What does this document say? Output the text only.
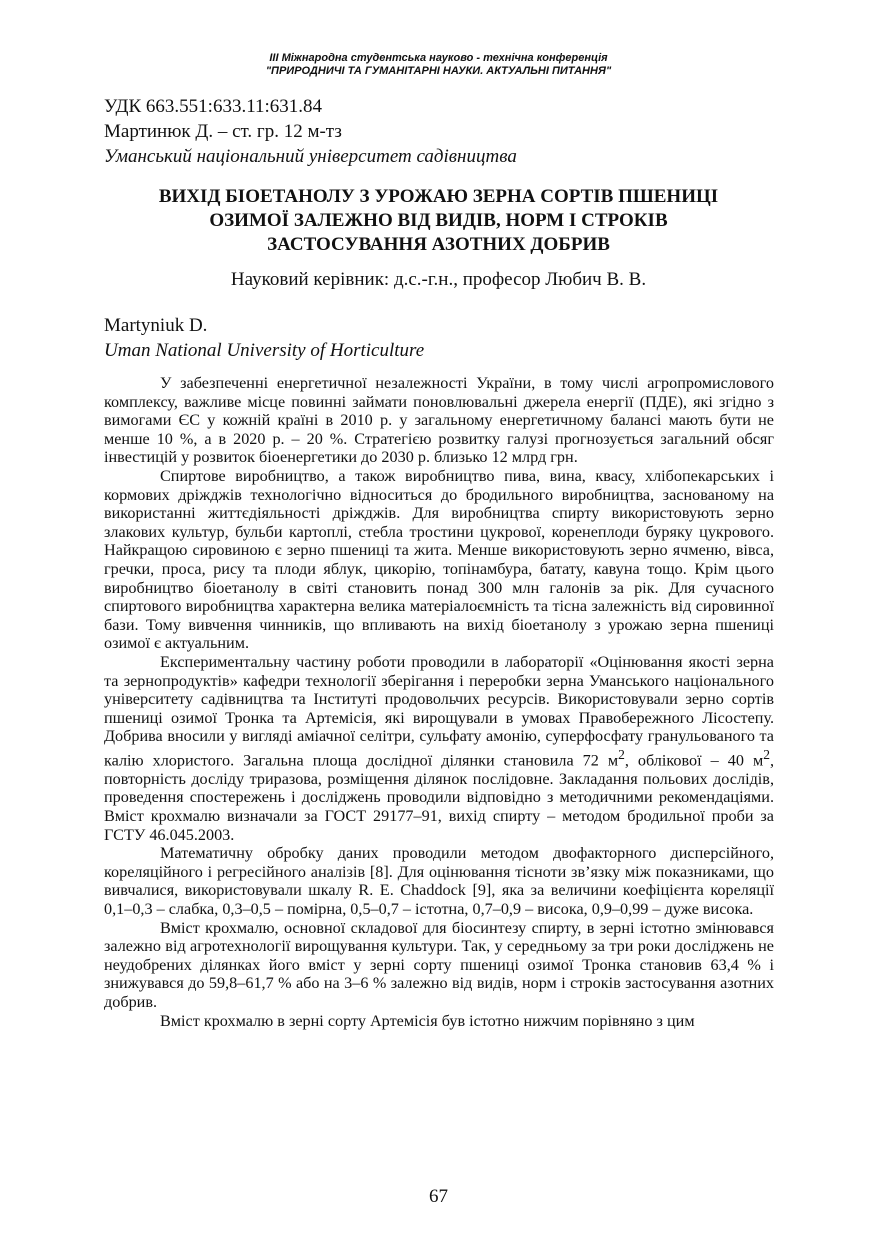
III Міжнародна студентська науково - технічна конференція
"ПРИРОДНИЧІ ТА ГУМАНІТАРНІ НАУКИ. АКТУАЛЬНІ ПИТАННЯ"
УДК 663.551:633.11:631.84
Мартинюк Д. – ст. гр. 12 м-тз
Уманський національний університет садівництва
ВИХІД БІОЕТАНОЛУ З УРОЖАЮ ЗЕРНА СОРТІВ ПШЕНИЦІ
ОЗИМОЇ ЗАЛЕЖНО ВІД ВИДІВ, НОРМ І СТРОКІВ
ЗАСТОСУВАННЯ АЗОТНИХ ДОБРИВ
Науковий керівник: д.с.-г.н., професор Любич В. В.
Martyniuk D.
Uman National University of Horticulture

У забезпеченні енергетичної незалежності України, в тому числі агропромислового комплексу, важливе місце повинні займати поновлювальні джерела енергії (ПДЕ), які згідно з вимогами ЄС у кожній країні в 2010 р. у загальному енергетичному балансі мають бути не менше 10 %, а в 2020 р. – 20 %. Стратегією розвитку галузі прогнозується загальний обсяг інвестицій у розвиток біоенергетики до 2030 р. близько 12 млрд грн.

Спиртове виробництво, а також виробництво пива, вина, квасу, хлібопекарських і кормових дріжджів технологічно відноситься до бродильного виробництва, заснованому на використанні життєдіяльності дріжджів. Для виробництва спирту використовують зерно злакових культур, бульби картоплі, стебла тростини цукрової, коренеплоди буряку цукрового. Найкращою сировиною є зерно пшениці та жита. Менше використовують зерно ячменю, вівса, гречки, проса, рису та плоди яблук, цикорію, топінамбура, батату, кавуна тощо. Крім цього виробництво біоетанолу в світі становить понад 300 млн галонів за рік. Для сучасного спиртового виробництва характерна велика матеріалоємність та тісна залежність від сировинної бази. Тому вивчення чинників, що впливають на вихід біоетанолу з урожаю зерна пшениці озимої є актуальним.

Експериментальну частину роботи проводили в лабораторії «Оцінювання якості зерна та зернопродуктів» кафедри технології зберігання і переробки зерна Уманського національного університету садівництва та Інституті продовольчих ресурсів. Використовували зерно сортів пшениці озимої Тронка та Артемісія, які вирощували в умовах Правобережного Лісостепу. Добрива вносили у вигляді аміачної селітри, сульфату амонію, суперфосфату гранульованого та калію хлористого. Загальна площа дослідної ділянки становила 72 $м^2$, облікової – 40 $м^2$, повторність досліду триразова, розміщення ділянок послідовне. Закладання польових дослідів, проведення спостережень і досліджень проводили відповідно з методичними рекомендаціями. Вміст крохмалю визначали за ГОСТ 29177–91, вихід спирту – методом бродильної проби за ГСТУ 46.045.2003.

Математичну обробку даних проводили методом двофакторного дисперсійного, кореляційного і регресійного аналізів [8]. Для оцінювання тісноти зв’язку між показниками, що вивчалися, використовували шкалу R. E. Chaddock [9], яка за величини коефіцієнта кореляції 0,1–0,3 – слабка, 0,3–0,5 – помірна, 0,5–0,7 – істотна, 0,7–0,9 – висока, 0,9–0,99 – дуже висока.

Вміст крохмалю, основної складової для біосинтезу спирту, в зерні істотно змінювався залежно від агротехнології вирощування культури. Так, у середньому за три роки досліджень не неудобрених ділянках його вміст у зерні сорту пшениці озимої Тронка становив 63,4 % і знижувався до 59,8–61,7 % або на 3–6 % залежно від видів, норм і строків застосування азотних добрив.

Вміст крохмалю в зерні сорту Артемісія був істотно нижчим порівняно з цим

67
